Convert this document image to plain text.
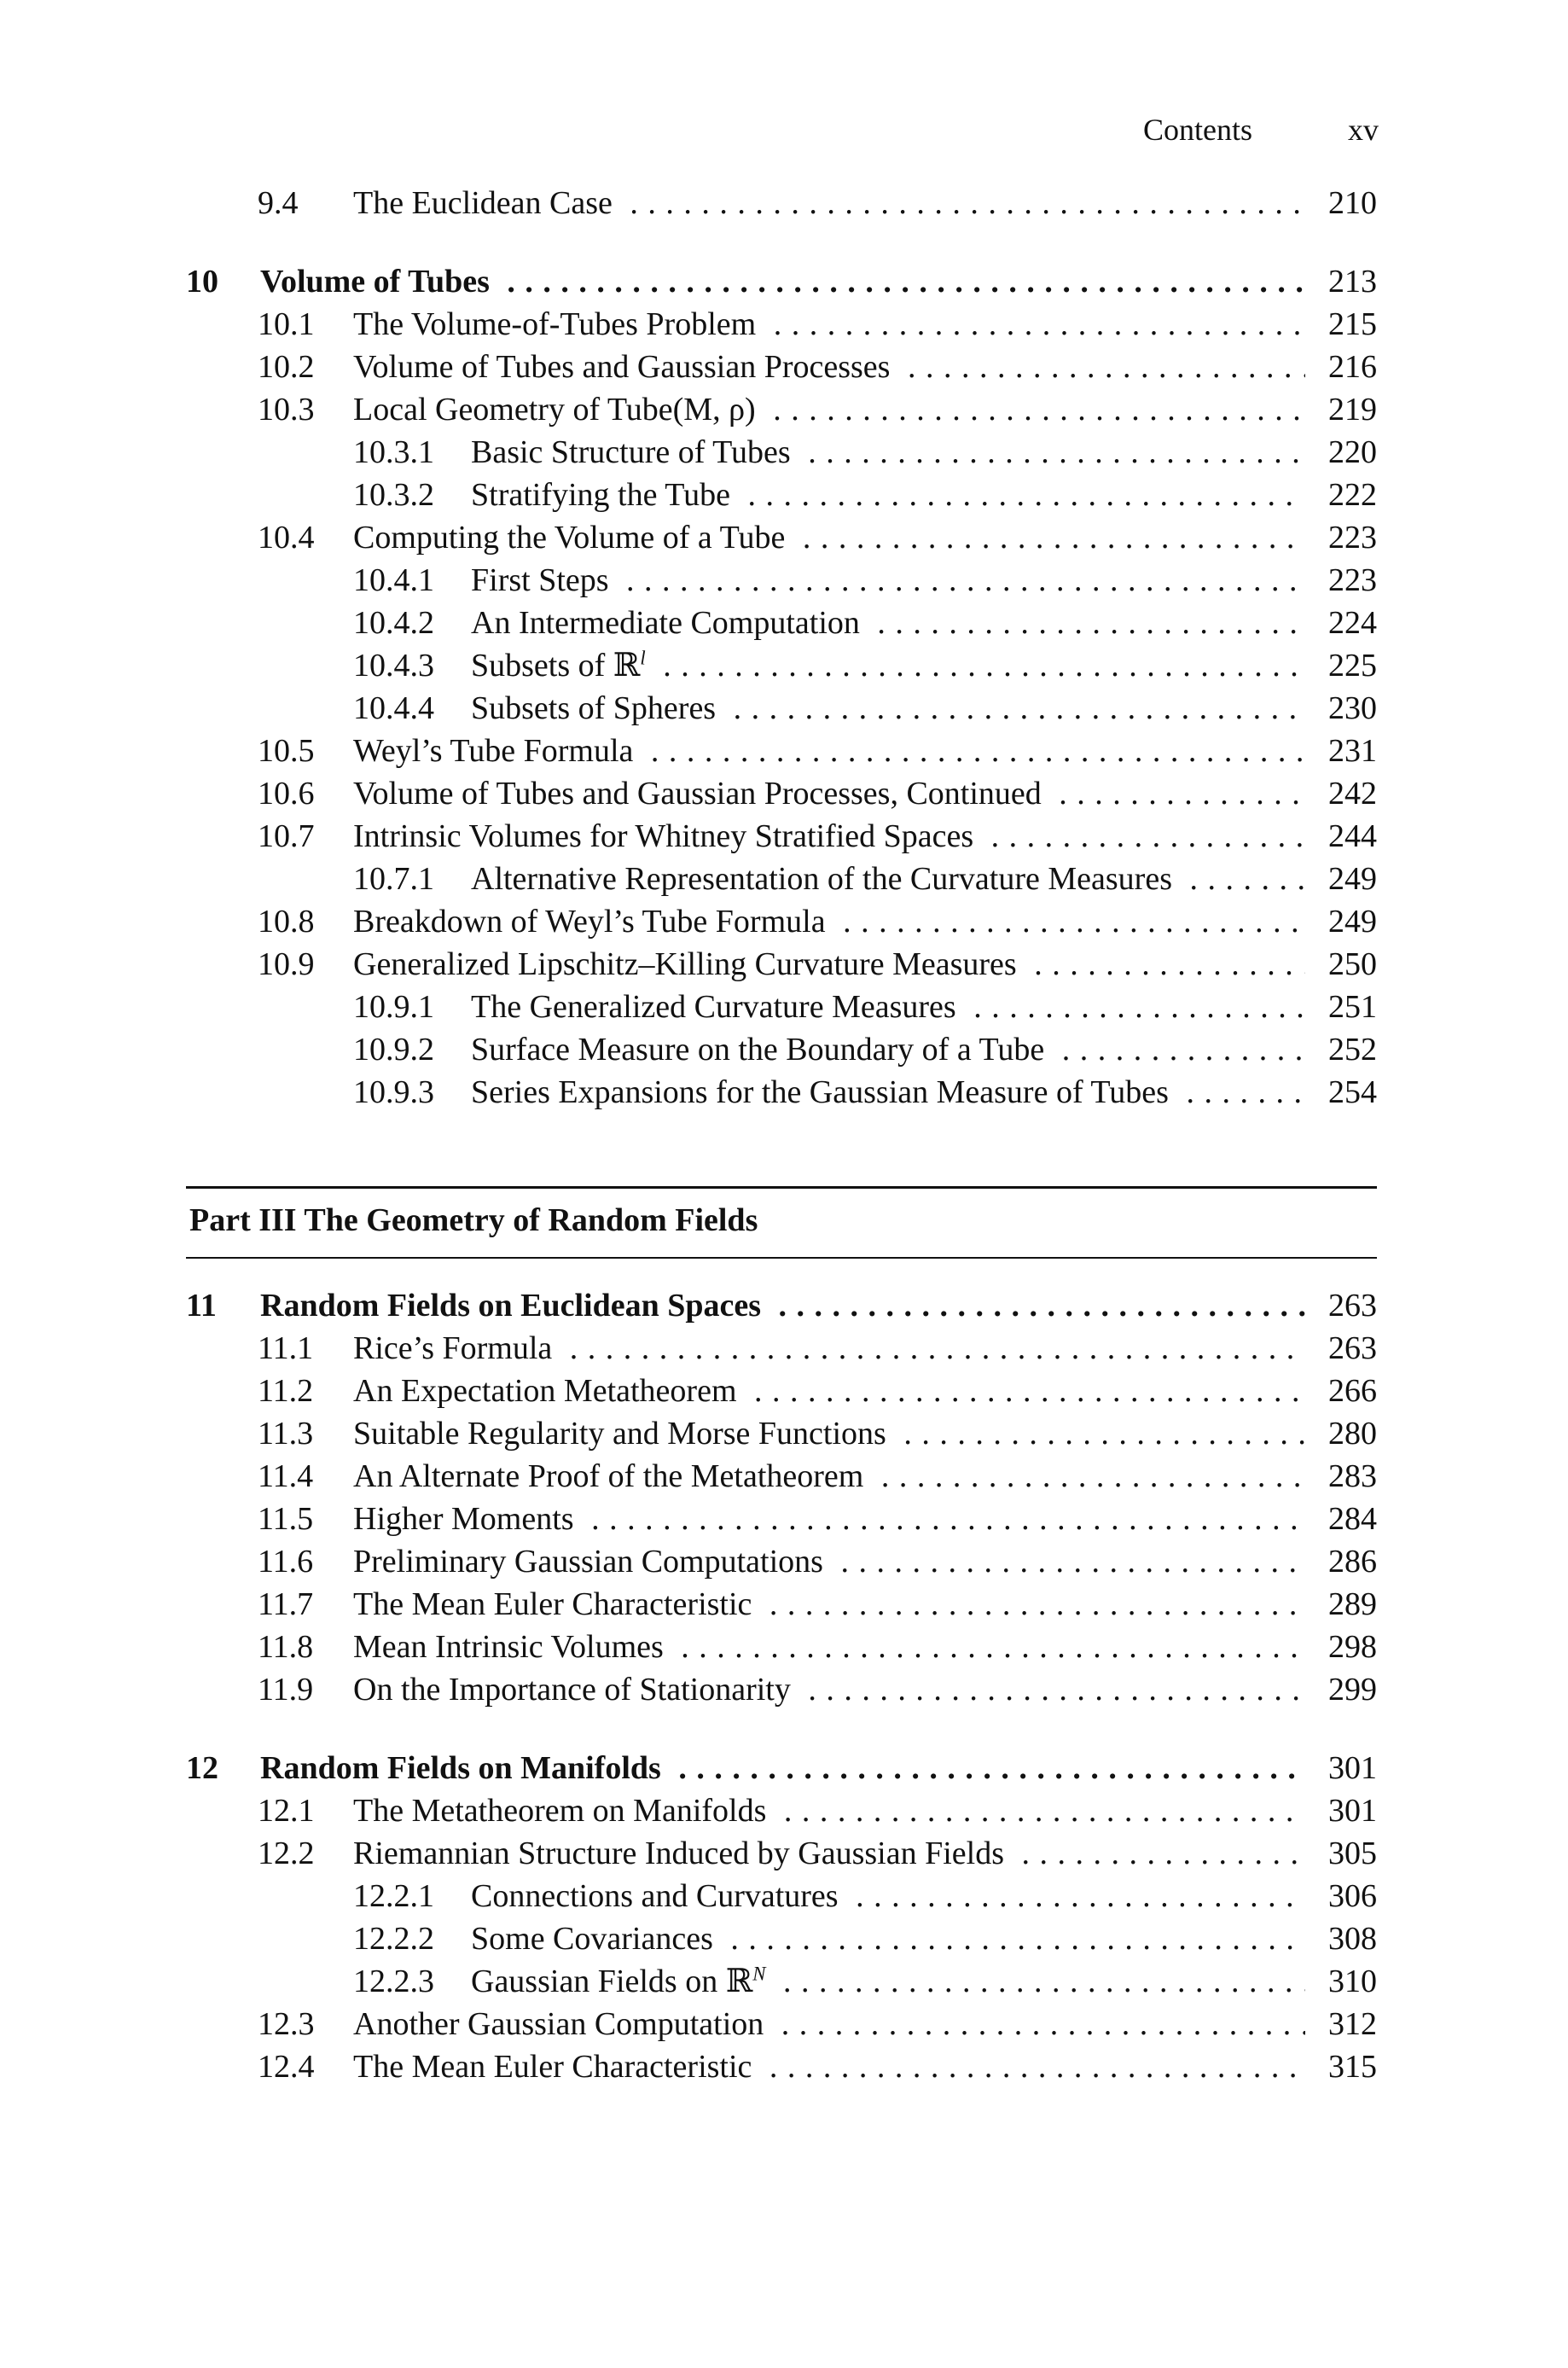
Contents	xv
9.4 The Euclidean Case . . .	210
10 Volume of Tubes . . .	213
10.1 The Volume-of-Tubes Problem . . .	215
10.2 Volume of Tubes and Gaussian Processes . . .	216
10.3 Local Geometry of Tube(M, ρ) . . .	219
10.3.1 Basic Structure of Tubes . . .	220
10.3.2 Stratifying the Tube . . .	222
10.4 Computing the Volume of a Tube . . .	223
10.4.1 First Steps . . .	223
10.4.2 An Intermediate Computation . . .	224
10.4.3 Subsets of ℝ$^l$ . . .	225
10.4.4 Subsets of Spheres . . .	230
10.5 Weyl’s Tube Formula . . .	231
10.6 Volume of Tubes and Gaussian Processes, Continued . . .	242
10.7 Intrinsic Volumes for Whitney Stratified Spaces . . .	244
10.7.1 Alternative Representation of the Curvature Measures . . .	249
10.8 Breakdown of Weyl’s Tube Formula . . .	249
10.9 Generalized Lipschitz–Killing Curvature Measures . . .	250
10.9.1 The Generalized Curvature Measures . . .	251
10.9.2 Surface Measure on the Boundary of a Tube . . .	252
10.9.3 Series Expansions for the Gaussian Measure of Tubes . . .	254
Part III The Geometry of Random Fields
11 Random Fields on Euclidean Spaces . . .	263
11.1 Rice’s Formula . . .	263
11.2 An Expectation Metatheorem . . .	266
11.3 Suitable Regularity and Morse Functions . . .	280
11.4 An Alternate Proof of the Metatheorem . . .	283
11.5 Higher Moments . . .	284
11.6 Preliminary Gaussian Computations . . .	286
11.7 The Mean Euler Characteristic . . .	289
11.8 Mean Intrinsic Volumes . . .	298
11.9 On the Importance of Stationarity . . .	299
12 Random Fields on Manifolds . . .	301
12.1 The Metatheorem on Manifolds . . .	301
12.2 Riemannian Structure Induced by Gaussian Fields . . .	305
12.2.1 Connections and Curvatures . . .	306
12.2.2 Some Covariances . . .	308
12.2.3 Gaussian Fields on ℝ$^N$ . . .	310
12.3 Another Gaussian Computation . . .	312
12.4 The Mean Euler Characteristic . . .	315
